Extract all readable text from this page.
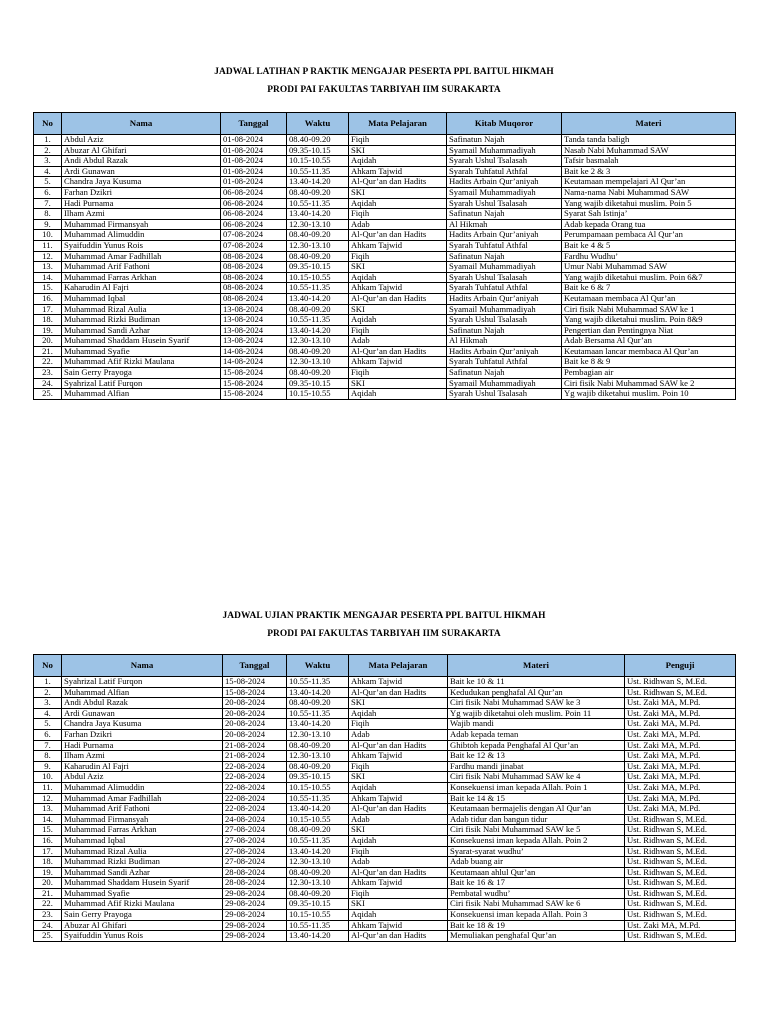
JADWAL LATIHAN P RAKTIK MENGAJAR PESERTA PPL BAITUL HIKMAH
PRODI PAI FAKULTAS TARBIYAH IIM SURAKARTA
No	Nama	Tanggal	Waktu	Mata Pelajaran	Kitab Muqoror	Materi
1.	Abdul Aziz	01-08-2024	08.40-09.20	Fiqih	Safinatun Najah	Tanda tanda baligh
2.	Abuzar Al Ghifari	01-08-2024	09.35-10.15	SKI	Syamail Muhammadiyah	Nasab Nabi Muhammad SAW
3.	Andi Abdul Razak	01-08-2024	10.15-10.55	Aqidah	Syarah Ushul Tsalasah	Tafsir basmalah
4.	Ardi Gunawan	01-08-2024	10.55-11.35	Ahkam Tajwid	Syarah Tuhfatul Athfal	Bait ke 2 & 3
5.	Chandra Jaya Kusuma	01-08-2024	13.40-14.20	Al-Qur’an dan Hadits	Hadits Arbain Qur’aniyah	Keutamaan mempelajari Al Qur’an
6.	Farhan Dzikri	06-08-2024	08.40-09.20	SKI	Syamail Muhammadiyah	Nama-nama Nabi Muhammad SAW
7.	Hadi Purnama	06-08-2024	10.55-11.35	Aqidah	Syarah Ushul Tsalasah	Yang wajib diketahui muslim. Poin 5
8.	Ilham Azmi	06-08-2024	13.40-14.20	Fiqih	Safinatun Najah	Syarat Sah Istinja’
9.	Muhammad Firmansyah	06-08-2024	12.30-13.10	Adab	Al Hikmah	Adab kepada Orang tua
10.	Muhammad Alimuddin	07-08-2024	08.40-09.20	Al-Qur’an dan Hadits	Hadits Arbain Qur’aniyah	Perumpamaan pembaca Al Qur’an
11.	Syaifuddin Yunus Rois	07-08-2024	12.30-13.10	Ahkam Tajwid	Syarah Tuhfatul Athfal	Bait ke 4 & 5
12.	Muhammad Amar Fadhillah	08-08-2024	08.40-09.20	Fiqih	Safinatun Najah	Fardhu Wudhu’
13.	Muhammad Arif Fathoni	08-08-2024	09.35-10.15	SKI	Syamail Muhammadiyah	Umur Nabi Muhammad SAW
14.	Muhammad Farras Arkhan	08-08-2024	10.15-10.55	Aqidah	Syarah Ushul Tsalasah	Yang wajib diketahui muslim. Poin 6&7
15.	Kaharudin Al Fajri	08-08-2024	10.55-11.35	Ahkam Tajwid	Syarah Tuhfatul Athfal	Bait ke 6 & 7
16.	Muhammad Iqbal	08-08-2024	13.40-14.20	Al-Qur’an dan Hadits	Hadits Arbain Qur’aniyah	Keutamaan membaca Al Qur’an
17.	Muhammad Rizal Aulia	13-08-2024	08.40-09.20	SKI	Syamail Muhammadiyah	Ciri fisik Nabi Muhammad SAW ke 1
18.	Muhammad Rizki Budiman	13-08-2024	10.55-11.35	Aqidah	Syarah Ushul Tsalasah	Yang wajib diketahui muslim. Poin 8&9
19.	Muhammad Sandi Azhar	13-08-2024	13.40-14.20	Fiqih	Safinatun Najah	Pengertian dan Pentingnya Niat
20.	Muhammad Shaddam Husein Syarif	13-08-2024	12.30-13.10	Adab	Al Hikmah	Adab Bersama Al Qur’an
21.	Muhammad Syafie	14-08-2024	08.40-09.20	Al-Qur’an dan Hadits	Hadits Arbain Qur’aniyah	Keutamaan lancar membaca Al Qur’an
22.	Muhammad Afif Rizki Maulana	14-08-2024	12.30-13.10	Ahkam Tajwid	Syarah Tuhfatul Athfal	Bait ke 8 & 9
23.	Sain Gerry Prayoga	15-08-2024	08.40-09.20	Fiqih	Safinatun Najah	Pembagian air
24.	Syahrizal Latif Furqon	15-08-2024	09.35-10.15	SKI	Syamail Muhammadiyah	Ciri fisik Nabi Muhammad SAW ke 2
25.	Muhammad Alfian	15-08-2024	10.15-10.55	Aqidah	Syarah Ushul Tsalasah	Yg wajib diketahui muslim. Poin 10
JADWAL UJIAN PRAKTIK MENGAJAR PESERTA PPL BAITUL HIKMAH
PRODI PAI FAKULTAS TARBIYAH IIM SURAKARTA
No	Nama	Tanggal	Waktu	Mata Pelajaran	Materi	Penguji
1.	Syahrizal Latif Furqon	15-08-2024	10.55-11.35	Ahkam Tajwid	Bait ke 10 & 11	Ust. Ridhwan S, M.Ed.
2.	Muhammad Alfian	15-08-2024	13.40-14.20	Al-Qur’an dan Hadits	Kedudukan penghafal Al Qur’an	Ust. Ridhwan S, M.Ed.
3.	Andi Abdul Razak	20-08-2024	08.40-09.20	SKI	Ciri fisik Nabi Muhammad SAW ke 3	Ust. Zaki MA, M.Pd.
4.	Ardi Gunawan	20-08-2024	10.55-11.35	Aqidah	Yg wajib diketahui oleh muslim. Poin 11	Ust. Zaki MA, M.Pd.
5.	Chandra Jaya Kusuma	20-08-2024	13.40-14.20	Fiqih	Wajib mandi	Ust. Zaki MA, M.Pd.
6.	Farhan Dzikri	20-08-2024	12.30-13.10	Adab	Adab kepada teman	Ust. Zaki MA, M.Pd.
7.	Hadi Purnama	21-08-2024	08.40-09.20	Al-Qur’an dan Hadits	Ghibtoh kepada Penghafal Al Qur’an	Ust. Zaki MA, M.Pd.
8.	Ilham Azmi	21-08-2024	12.30-13.10	Ahkam Tajwid	Bait ke 12 & 13	Ust. Zaki MA, M.Pd.
9.	Kaharudin Al Fajri	22-08-2024	08.40-09.20	Fiqih	Fardhu mandi jinabat	Ust. Zaki MA, M.Pd.
10.	Abdul Aziz	22-08-2024	09.35-10.15	SKI	Ciri fisik Nabi Muhammad SAW ke 4	Ust. Zaki MA, M.Pd.
11.	Muhammad Alimuddin	22-08-2024	10.15-10.55	Aqidah	Konsekuensi iman kepada Allah. Poin 1	Ust. Zaki MA, M.Pd.
12.	Muhammad Amar Fadhillah	22-08-2024	10.55-11.35	Ahkam Tajwid	Bait ke 14 & 15	Ust. Zaki MA, M.Pd.
13.	Muhammad Arif Fathoni	22-08-2024	13.40-14.20	Al-Qur’an dan Hadits	Keutamaan bermajelis dengan Al Qur’an	Ust. Zaki MA, M.Pd.
14.	Muhammad Firmansyah	24-08-2024	10.15-10.55	Adab	Adab tidur dan bangun tidur	Ust. Ridhwan S, M.Ed.
15.	Muhammad Farras Arkhan	27-08-2024	08.40-09.20	SKI	Ciri fisik Nabi Muhammad SAW ke 5	Ust. Ridhwan S, M.Ed.
16.	Muhammad Iqbal	27-08-2024	10.55-11.35	Aqidah	Konsekuensi iman kepada Allah. Poin 2	Ust. Ridhwan S, M.Ed.
17.	Muhammad Rizal Aulia	27-08-2024	13.40-14.20	Fiqih	Syarat-syarat wudhu’	Ust. Ridhwan S, M.Ed.
18.	Muhammad Rizki Budiman	27-08-2024	12.30-13.10	Adab	Adab buang air	Ust. Ridhwan S, M.Ed.
19.	Muhammad Sandi Azhar	28-08-2024	08.40-09.20	Al-Qur’an dan Hadits	Keutamaan ahlul Qur’an	Ust. Ridhwan S, M.Ed.
20.	Muhammad Shaddam Husein Syarif	28-08-2024	12.30-13.10	Ahkam Tajwid	Bait ke 16 & 17	Ust. Ridhwan S, M.Ed.
21.	Muhammad Syafie	29-08-2024	08.40-09.20	Fiqih	Pembatal wudhu’	Ust. Ridhwan S, M.Ed.
22.	Muhammad Afif Rizki Maulana	29-08-2024	09.35-10.15	SKI	Ciri fisik Nabi Muhammad SAW ke 6	Ust. Ridhwan S, M.Ed.
23.	Sain Gerry Prayoga	29-08-2024	10.15-10.55	Aqidah	Konsekuensi iman kepada Allah. Poin 3	Ust. Ridhwan S, M.Ed.
24.	Abuzar Al Ghifari	29-08-2024	10.55-11.35	Ahkam Tajwid	Bait ke 18 & 19	Ust. Zaki MA, M.Pd.
25.	Syaifuddin Yunus Rois	29-08-2024	13.40-14.20	Al-Qur’an dan Hadits	Memuliakan penghafal Qur’an	Ust. Ridhwan S, M.Ed.
